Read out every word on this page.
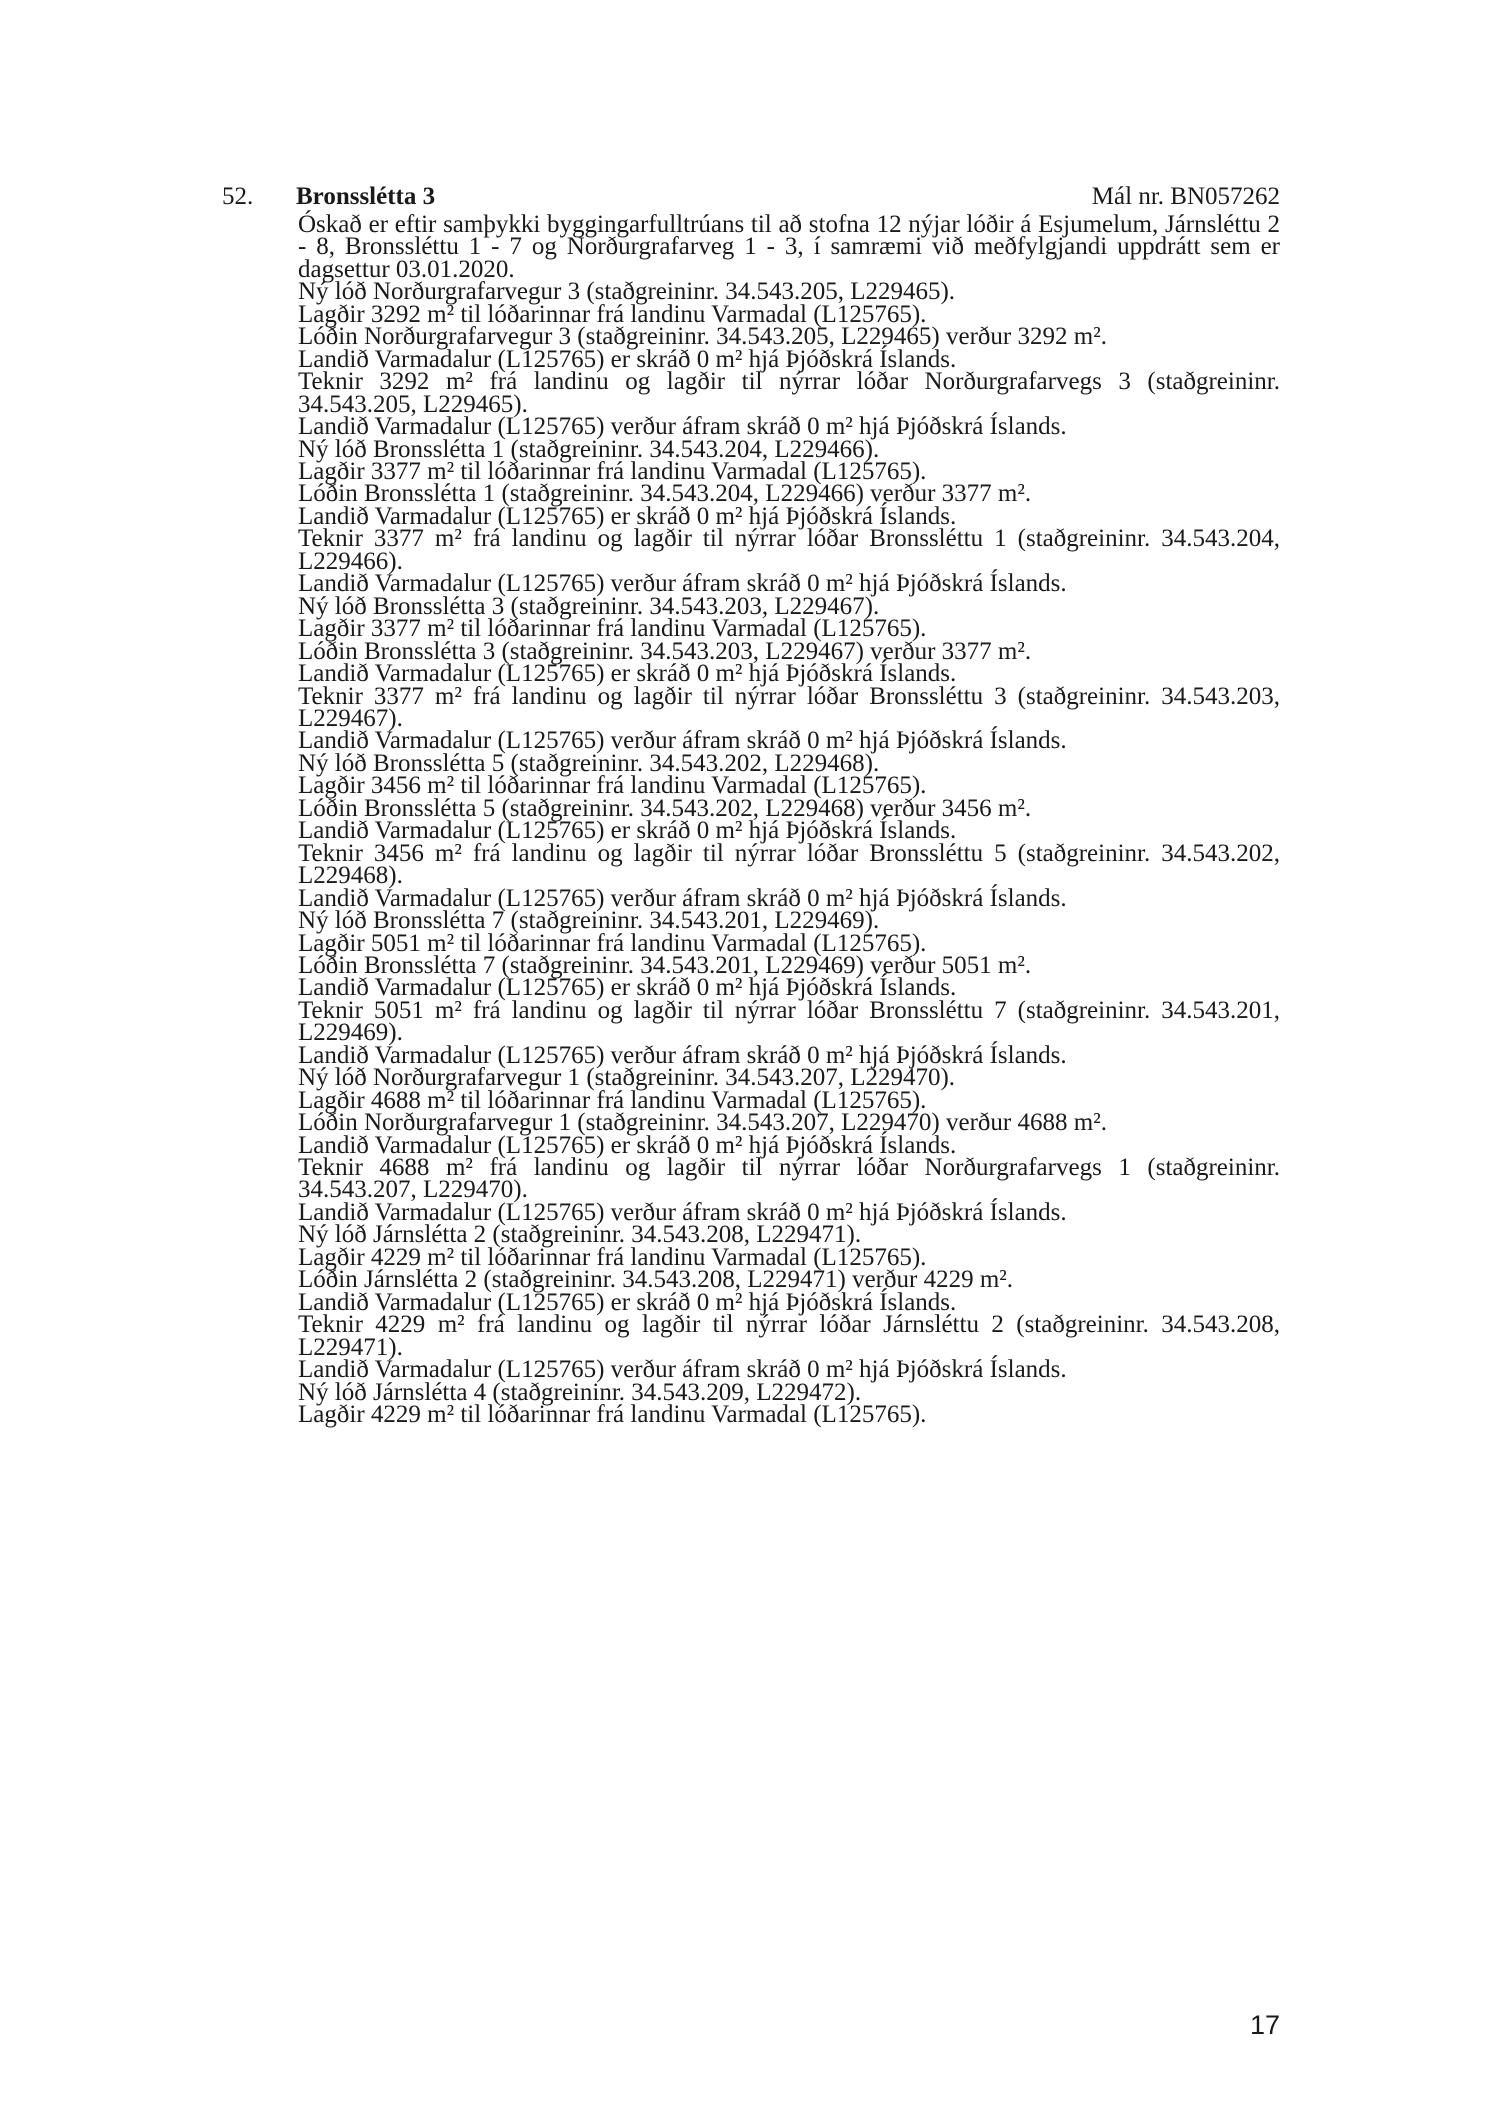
52. Bronsslétta 3	Mál nr. BN057262

Óskað er eftir samþykki byggingarfulltrúans til að stofna 12 nýjar lóðir á Esjumelum, Járnsléttu 2 - 8, Bronssléttu 1 - 7 og Norðurgrafarveg 1 - 3, í samræmi við meðfylgjandi uppdrátt sem er dagsettur 03.01.2020.

Ný lóð Norðurgrafarvegur 3 (staðgreininr. 34.543.205, L229465).

Lagðir 3292 m² til lóðarinnar frá landinu Varmadal (L125765).

Lóðin Norðurgrafarvegur 3 (staðgreininr. 34.543.205, L229465) verður 3292 m².

Landið Varmadalur (L125765) er skráð 0 m² hjá Þjóðskrá Íslands.

Teknir 3292 m² frá landinu og lagðir til nýrrar lóðar Norðurgrafarvegs 3 (staðgreininr. 34.543.205, L229465).

Landið Varmadalur (L125765) verður áfram skráð 0 m² hjá Þjóðskrá Íslands.

Ný lóð Bronsslétta 1 (staðgreininr. 34.543.204, L229466).

Lagðir 3377 m² til lóðarinnar frá landinu Varmadal (L125765).

Lóðin Bronsslétta 1 (staðgreininr. 34.543.204, L229466) verður 3377 m².

Landið Varmadalur (L125765) er skráð 0 m² hjá Þjóðskrá Íslands.

Teknir 3377 m² frá landinu og lagðir til nýrrar lóðar Bronssléttu 1 (staðgreininr. 34.543.204, L229466).

Landið Varmadalur (L125765) verður áfram skráð 0 m² hjá Þjóðskrá Íslands.

Ný lóð Bronsslétta 3 (staðgreininr. 34.543.203, L229467).

Lagðir 3377 m² til lóðarinnar frá landinu Varmadal (L125765).

Lóðin Bronsslétta 3 (staðgreininr. 34.543.203, L229467) verður 3377 m².

Landið Varmadalur (L125765) er skráð 0 m² hjá Þjóðskrá Íslands.

Teknir 3377 m² frá landinu og lagðir til nýrrar lóðar Bronssléttu 3 (staðgreininr. 34.543.203, L229467).

Landið Varmadalur (L125765) verður áfram skráð 0 m² hjá Þjóðskrá Íslands.

Ný lóð Bronsslétta 5 (staðgreininr. 34.543.202, L229468).

Lagðir 3456 m² til lóðarinnar frá landinu Varmadal (L125765).

Lóðin Bronsslétta 5 (staðgreininr. 34.543.202, L229468) verður 3456 m².

Landið Varmadalur (L125765) er skráð 0 m² hjá Þjóðskrá Íslands.

Teknir 3456 m² frá landinu og lagðir til nýrrar lóðar Bronssléttu 5 (staðgreininr. 34.543.202, L229468).

Landið Varmadalur (L125765) verður áfram skráð 0 m² hjá Þjóðskrá Íslands.

Ný lóð Bronsslétta 7 (staðgreininr. 34.543.201, L229469).

Lagðir 5051 m² til lóðarinnar frá landinu Varmadal (L125765).

Lóðin Bronsslétta 7 (staðgreininr. 34.543.201, L229469) verður 5051 m².

Landið Varmadalur (L125765) er skráð 0 m² hjá Þjóðskrá Íslands.

Teknir 5051 m² frá landinu og lagðir til nýrrar lóðar Bronssléttu 7 (staðgreininr. 34.543.201, L229469).

Landið Varmadalur (L125765) verður áfram skráð 0 m² hjá Þjóðskrá Íslands.

Ný lóð Norðurgrafarvegur 1 (staðgreininr. 34.543.207, L229470).

Lagðir 4688 m² til lóðarinnar frá landinu Varmadal (L125765).

Lóðin Norðurgrafarvegur 1 (staðgreininr. 34.543.207, L229470) verður 4688 m².

Landið Varmadalur (L125765) er skráð 0 m² hjá Þjóðskrá Íslands.

Teknir 4688 m² frá landinu og lagðir til nýrrar lóðar Norðurgrafarvegs 1 (staðgreininr. 34.543.207, L229470).

Landið Varmadalur (L125765) verður áfram skráð 0 m² hjá Þjóðskrá Íslands.

Ný lóð Járnslétta 2 (staðgreininr. 34.543.208, L229471).

Lagðir 4229 m² til lóðarinnar frá landinu Varmadal (L125765).

Lóðin Járnslétta 2 (staðgreininr. 34.543.208, L229471) verður 4229 m².

Landið Varmadalur (L125765) er skráð 0 m² hjá Þjóðskrá Íslands.

Teknir 4229 m² frá landinu og lagðir til nýrrar lóðar Járnsléttu 2 (staðgreininr. 34.543.208, L229471).

Landið Varmadalur (L125765) verður áfram skráð 0 m² hjá Þjóðskrá Íslands.

Ný lóð Járnslétta 4 (staðgreininr. 34.543.209, L229472).

Lagðir 4229 m² til lóðarinnar frá landinu Varmadal (L125765).

17
